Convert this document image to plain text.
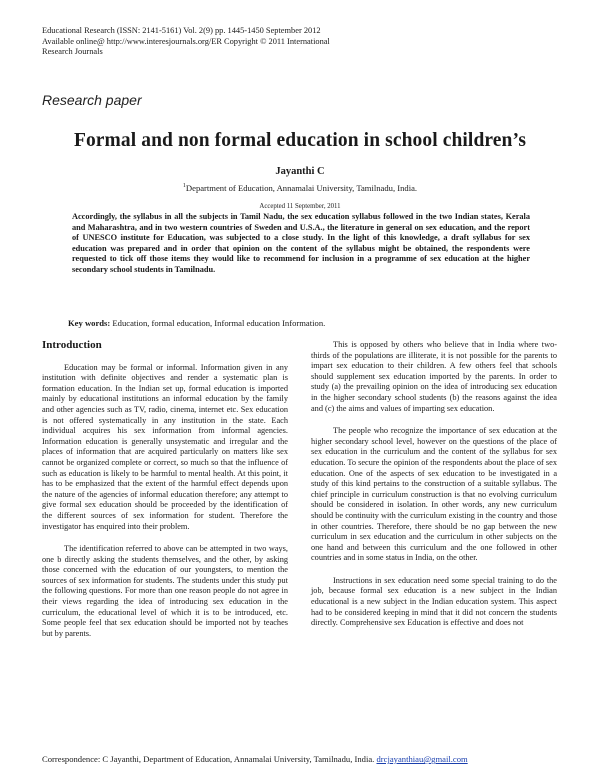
Educational Research (ISSN: 2141-5161) Vol. 2(9) pp. 1445-1450 September 2012
Available online@ http://www.interesjournals.org/ER Copyright © 2011 International
Research Journals
Research paper
Formal and non formal education in school children’s
Jayanthi C
$^1$Department of Education, Annamalai University, Tamilnadu, India.
Accepted 11 September, 2011
Accordingly, the syllabus in all the subjects in Tamil Nadu, the sex education syllabus followed in the two Indian states, Kerala and Maharashtra, and in two western countries of Sweden and U.S.A., the literature in general on sex education, and the report of UNESCO institute for Education, was subjected to a close study. In the light of this knowledge, a draft syllabus for sex education was prepared and in order that opinion on the content of the syllabus might be obtained, the respondents were requested to tick off those items they would like to recommend for inclusion in a programme of sex education at the higher secondary school students in Tamilnadu.
Key words: Education, formal education, Informal education Information.
Introduction

Education may be formal or informal. Information given in any institution with definite objectives and render a systematic plan is formation education. In the Indian set up, formal education is imported mainly by educational institutions an informal education by the family and other agencies such as TV, radio, cinema, internet etc. Sex education is not offered systematically in any institution in the state. Each individual acquires his sex information from informal agencies. Information education is generally unsystematic and irregular and the places of information that are acquired particularly on matters like sex cannot be organized complete or correct, so much so that the influence of such as education is likely to be harmful to mental health. At this point, it has to be emphasized that the extent of the harmful effect depends upon the nature of the agencies of informal education therefore; any attempt to give formal sex education should be proceeded by the identification of the different sources of sex information for student. Therefore the investigator has enquired into their problem.

The identification referred to above can be attempted in two ways, one b directly asking the students themselves, and the other, by asking those concerned with the education of our youngsters, to mention the sources of sex information for students. The students under this study put the following questions. For more than one reason people do not agree in their views regarding the idea of introducing sex education in the curriculum, the educational level of which it is to be introduced, etc. Some people feel that sex education should be imported not by teaches but by parents.

This is opposed by others who believe that in India where two-thirds of the populations are illiterate, it is not possible for the parents to impart sex education to their children. A few others feel that schools should supplement sex education imported by the parents. In order to study (a) the prevailing opinion on the idea of introducing sex education in the higher secondary school students (b) the reasons against the idea and (c) the aims and values of imparting sex education.

The people who recognize the importance of sex education at the higher secondary school level, however on the questions of the place of sex education in the curriculum and the content of the syllabus for sex education. To secure the opinion of the respondents about the place of sex education. One of the aspects of sex education to be investigated in a study of this kind pertains to the construction of a suitable syllabus. The chief principle in curriculum construction is that no evolving curriculum should be considered in isolation. In other words, any new curriculum should be continuity with the curriculum existing in the country and those in other countries. Therefore, there should be no gap between the new curriculum in sex education and the curriculum in other subjects on the one hand and between this curriculum and the one followed in other countries and in some status in India, on the other.

Instructions in sex education need some special training to do the job, because formal sex education is a new subject in the Indian educational is a new subject in the Indian education system. This aspect had to be considered keeping in mind that it did not concern the students directly. Comprehensive sex Education is effective and does not

Correspondence: C Jayanthi, Department of Education, Annamalai University, Tamilnadu, India. drcjayanthiau@gmail.com
